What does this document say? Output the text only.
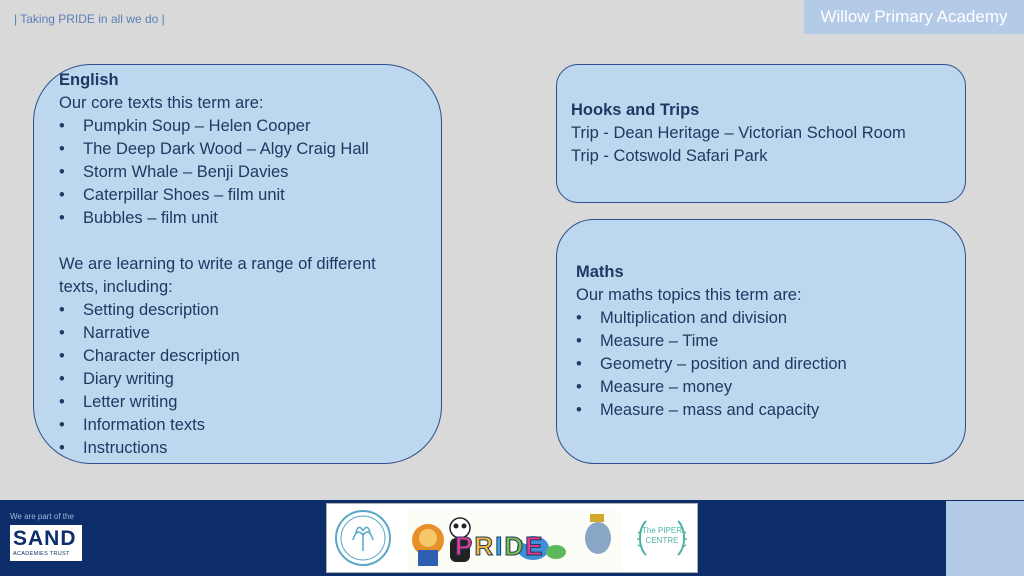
| Taking PRIDE in all we do |	Willow Primary Academy
English
Our core texts this term are:
• Pumpkin Soup – Helen Cooper
• The Deep Dark Wood – Algy Craig Hall
• Storm Whale – Benji Davies
• Caterpillar Shoes – film unit
• Bubbles – film unit
We are learning to write a range of different
texts, including:
• Setting description
• Narrative
• Character description
• Diary writing
• Letter writing
• Information texts
• Instructions
Hooks and Trips
Trip - Dean Heritage – Victorian School Room
Trip - Cotswold Safari Park
Maths
Our maths topics this term are:
• Multiplication and division
• Measure – Time
• Geometry – position and direction
• Measure – money
• Measure – mass and capacity
We are part of the
SAND
ACADEMIES TRUST	PRIDE
The PIPER CENTRE
